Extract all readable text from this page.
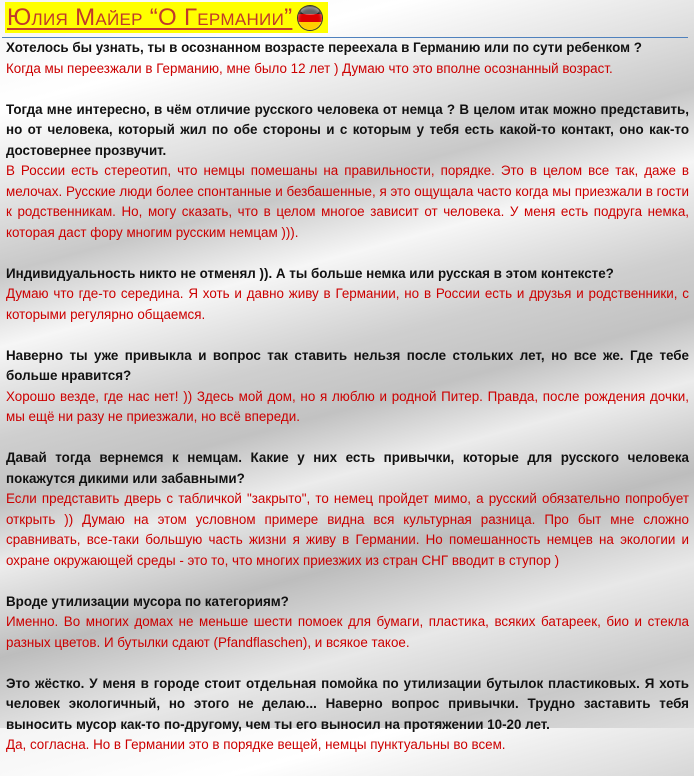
Юлия Майер “О Германии”

Хотелось бы узнать, ты в осознанном возрасте переехала в Германию или по сути ребенком ?

Когда мы переезжали в Германию, мне было 12 лет ) Думаю что это вполне осознанный возраст.

Тогда мне интересно, в чём отличие русского человека от немца ? В целом итак можно представить, но от человека, который жил по обе стороны и с которым у тебя есть какой-то контакт, оно как-то достовернее прозвучит.

В России есть стереотип, что немцы помешаны на правильности, порядке. Это в целом все так, даже в мелочах. Русские люди более спонтанные и безбашенные, я это ощущала часто когда мы приезжали в гости к родственникам. Но, могу сказать, что в целом многое зависит от человека. У меня есть подруга немка, которая даст фору многим русским немцам ))).

Индивидуальность никто не отменял )). А ты больше немка или русская в этом контексте?

Думаю что где-то середина. Я хоть и давно живу в Германии, но в России есть и друзья и родственники, с которыми регулярно общаемся.

Наверно ты уже привыкла и вопрос так ставить нельзя после стольких лет, но все же. Где тебе больше нравится?

Хорошо везде, где нас нет! )) Здесь мой дом, но я люблю и родной Питер. Правда, после рождения дочки, мы ещё ни разу не приезжали, но всё впереди.

Давай тогда вернемся к немцам. Какие у них есть привычки, которые для русского человека покажутся дикими или забавными?

Если представить дверь с табличкой "закрыто", то немец пройдет мимо, а русский обязательно попробует открыть )) Думаю на этом условном примере видна вся культурная разница. Про быт мне сложно сравнивать, все-таки большую часть жизни я живу в Германии. Но помешанность немцев на экологии и охране окружающей среды - это то, что многих приезжих из стран СНГ вводит в ступор )

Вроде утилизации мусора по категориям?

Именно. Во многих домах не меньше шести помоек для бумаги, пластика, всяких батареек, био и стекла разных цветов. И бутылки сдают (Pfandflaschen), и всякое такое.

Это жёстко. У меня в городе стоит отдельная помойка по утилизации бутылок пластиковых. Я хоть человек экологичный, но этого не делаю... Наверно вопрос привычки. Трудно заставить тебя выносить мусор как-то по-другому, чем ты его выносил на протяжении 10-20 лет.

Да, согласна. Но в Германии это в порядке вещей, немцы пунктуальны во всем.
